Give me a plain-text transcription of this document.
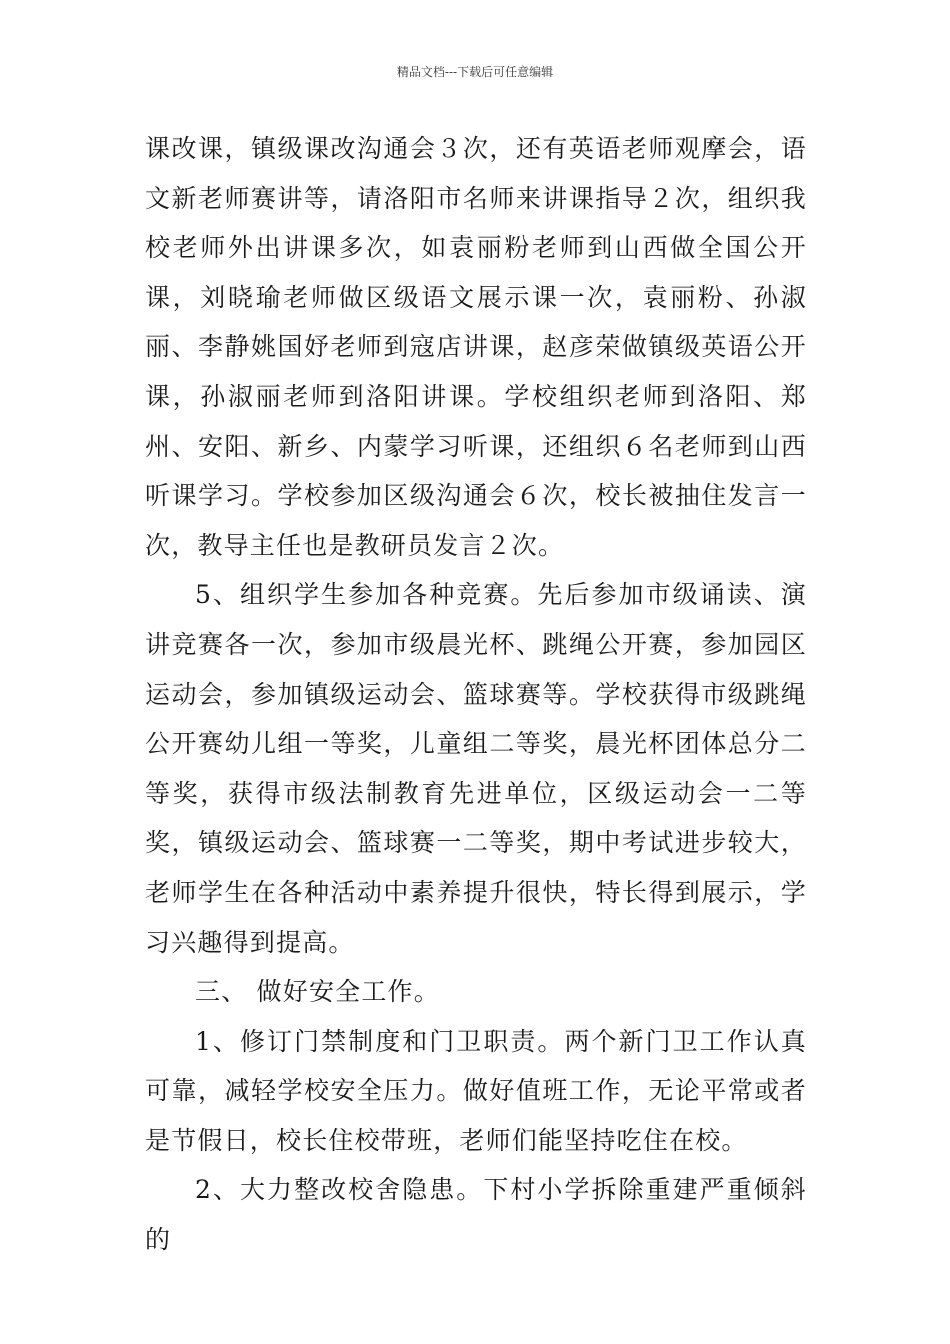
精品文档---下载后可任意编辑

课改课，镇级课改沟通会３次，还有英语老师观摩会，语文新老师赛讲等，请洛阳市名师来讲课指导２次，组织我校老师外出讲课多次，如袁丽粉老师到山西做全国公开课，刘晓瑜老师做区级语文展示课一次，袁丽粉、孙淑丽、李静姚国妤老师到寇店讲课，赵彦荣做镇级英语公开课，孙淑丽老师到洛阳讲课。学校组织老师到洛阳、郑州、安阳、新乡、内蒙学习听课，还组织６名老师到山西听课学习。学校参加区级沟通会６次，校长被抽住发言一次，教导主任也是教研员发言２次。

5、组织学生参加各种竞赛。先后参加市级诵读、演讲竞赛各一次，参加市级晨光杯、跳绳公开赛，参加园区运动会，参加镇级运动会、篮球赛等。学校获得市级跳绳公开赛幼儿组一等奖，儿童组二等奖，晨光杯团体总分二等奖，获得市级法制教育先进单位，区级运动会一二等奖，镇级运动会、篮球赛一二等奖，期中考试进步较大，老师学生在各种活动中素养提升很快，特长得到展示，学习兴趣得到提高。

三、 做好安全工作。

1、修订门禁制度和门卫职责。两个新门卫工作认真可靠，减轻学校安全压力。做好值班工作，无论平常或者是节假日，校长住校带班，老师们能坚持吃住在校。

2、大力整改校舍隐患。下村小学拆除重建严重倾斜的
